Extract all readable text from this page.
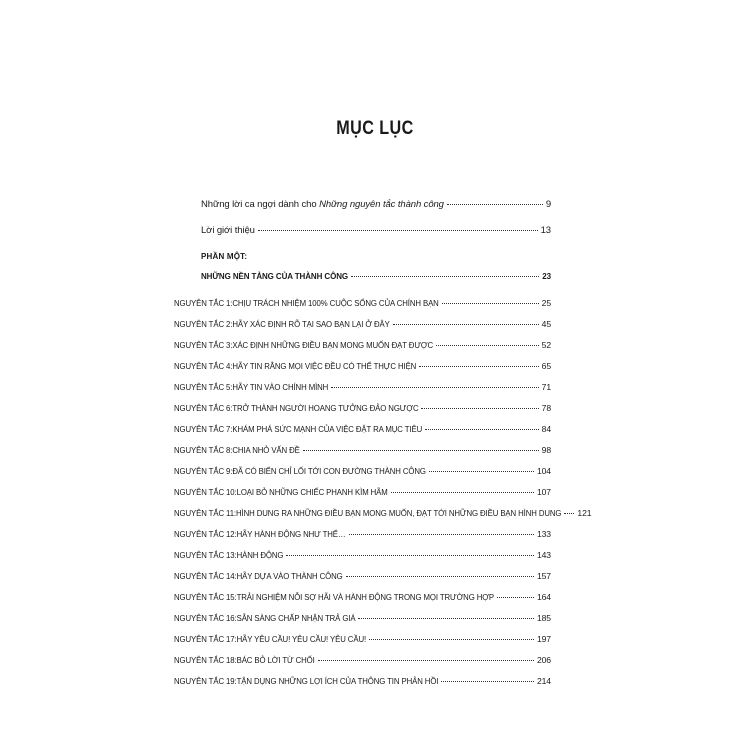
MỤC LỤC
Những lời ca ngợi dành cho Những nguyên tắc thành công	9
Lời giới thiệu	13
PHẦN MỘT:
NHỮNG NỀN TẢNG CỦA THÀNH CÔNG	23
NGUYÊN TẮC 1: CHỊU TRÁCH NHIỆM 100% CUỘC SỐNG CỦA CHÍNH BẠN	25
NGUYÊN TẮC 2: HÃY XÁC ĐỊNH RÕ TẠI SAO BẠN LẠI Ở ĐÂY	45
NGUYÊN TẮC 3: XÁC ĐỊNH NHỮNG ĐIỀU BẠN MONG MUỐN ĐẠT ĐƯỢC	52
NGUYÊN TẮC 4: HÃY TIN RẰNG MỌI VIỆC ĐỀU CÓ THỂ THỰC HIỆN	65
NGUYÊN TẮC 5: HÃY TIN VÀO CHÍNH MÌNH	71
NGUYÊN TẮC 6: TRỞ THÀNH NGƯỜI HOANG TƯỞNG ĐẢO NGƯỢC	78
NGUYÊN TẮC 7: KHÁM PHÁ SỨC MẠNH CỦA VIỆC ĐẶT RA MỤC TIÊU	84
NGUYÊN TẮC 8: CHIA NHỎ VẤN ĐỀ	98
NGUYÊN TẮC 9: ĐÃ CÓ BIỂN CHỈ LỐI TỚI CON ĐƯỜNG THÀNH CÔNG	104
NGUYÊN TẮC 10: LOẠI BỎ NHỮNG CHIẾC PHANH KÌM HÃM	107
NGUYÊN TẮC 11: HÌNH DUNG RA NHỮNG ĐIỀU BẠN MONG MUỐN, ĐẠT TỚI NHỮNG ĐIỀU BẠN HÌNH DUNG 121
NGUYÊN TẮC 12: HÃY HÀNH ĐỘNG NHƯ THỂ…	133
NGUYÊN TẮC 13: HÀNH ĐỘNG	143
NGUYÊN TẮC 14: HÃY DỰA VÀO THÀNH CÔNG	157
NGUYÊN TẮC 15: TRẢI NGHIỆM NỖI SỢ HÃI VÀ HÀNH ĐỘNG TRONG MỌI TRƯỜNG HỢP	164
NGUYÊN TẮC 16: SẴN SÀNG CHẤP NHẬN TRẢ GIÁ	185
NGUYÊN TẮC 17: HÃY YÊU CẦU! YÊU CẦU! YÊU CẦU!	197
NGUYÊN TẮC 18: BÁC BỎ LỜI TỪ CHỐI	206
NGUYÊN TẮC 19: TẬN DỤNG NHỮNG LỢI ÍCH CỦA THÔNG TIN PHẢN HỒI	214
